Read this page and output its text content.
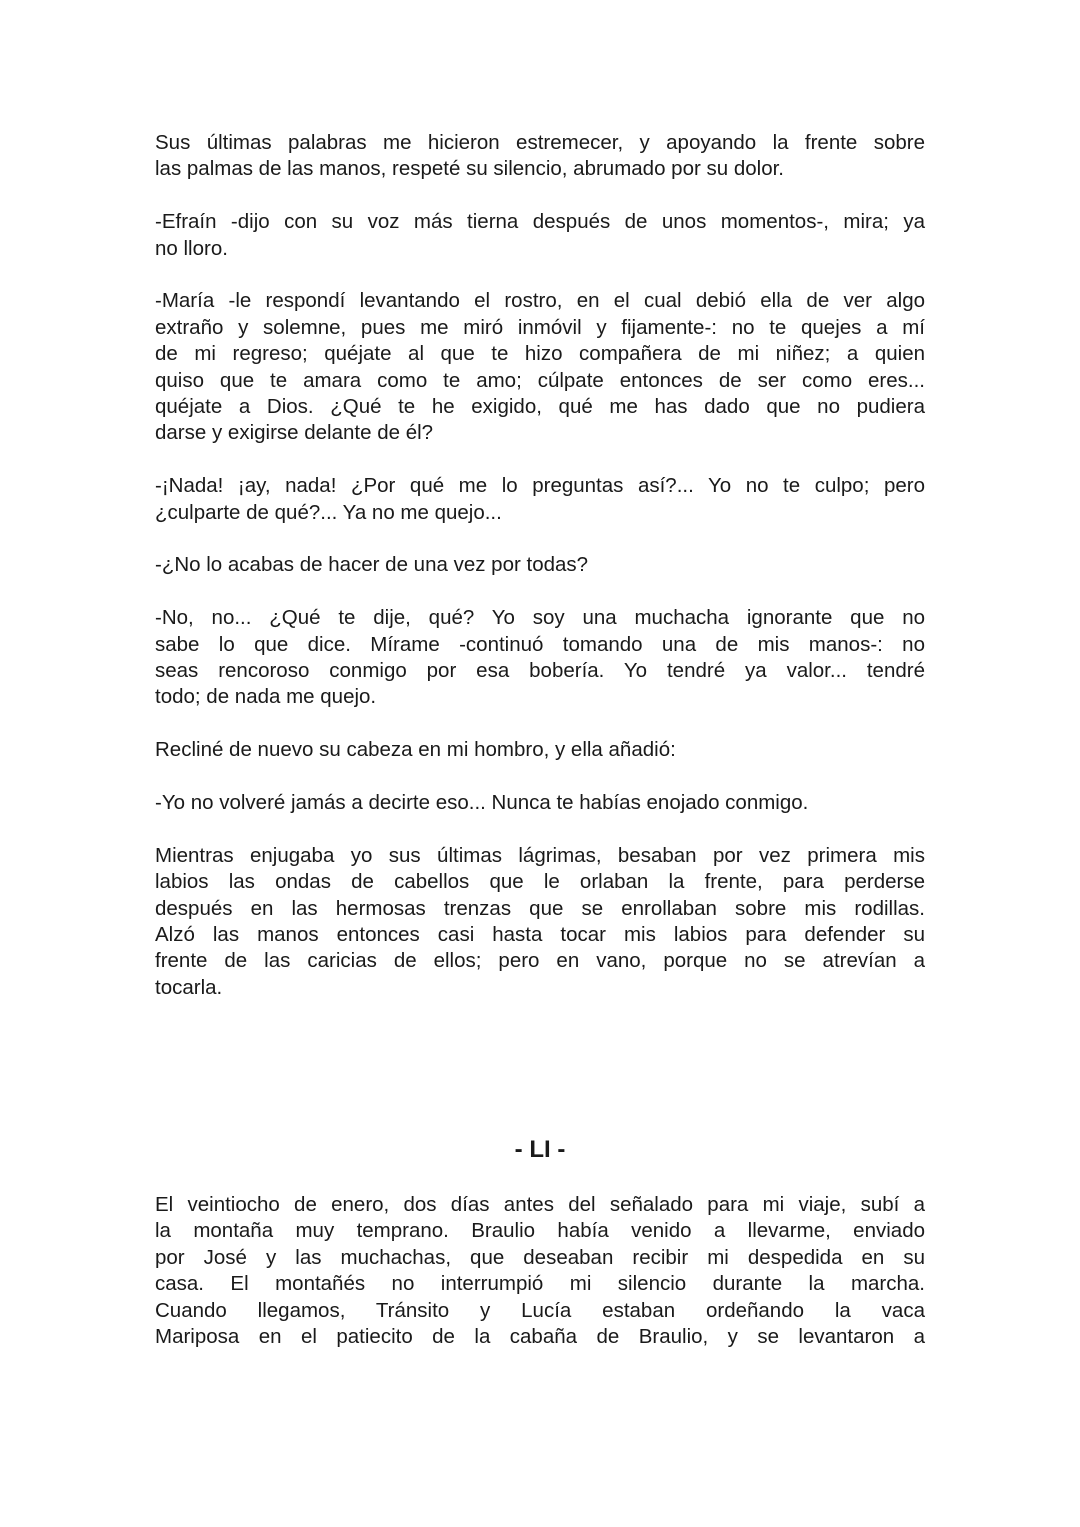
Sus últimas palabras me hicieron estremecer, y apoyando la frente sobre
las palmas de las manos, respeté su silencio, abrumado por su dolor.

-Efraín -dijo con su voz más tierna después de unos momentos-, mira; ya
no lloro.

-María -le respondí levantando el rostro, en el cual debió ella de ver algo
extraño y solemne, pues me miró inmóvil y fijamente-: no te quejes a mí
de mi regreso; quéjate al que te hizo compañera de mi niñez; a quien
quiso que te amara como te amo; cúlpate entonces de ser como eres...
quéjate a Dios. ¿Qué te he exigido, qué me has dado que no pudiera
darse y exigirse delante de él?

-¡Nada! ¡ay, nada! ¿Por qué me lo preguntas así?... Yo no te culpo; pero
¿culparte de qué?... Ya no me quejo...

-¿No lo acabas de hacer de una vez por todas?

-No, no... ¿Qué te dije, qué? Yo soy una muchacha ignorante que no
sabe lo que dice. Mírame -continuó tomando una de mis manos-: no
seas rencoroso conmigo por esa bobería. Yo tendré ya valor... tendré
todo; de nada me quejo.

Recliné de nuevo su cabeza en mi hombro, y ella añadió:

-Yo no volveré jamás a decirte eso... Nunca te habías enojado conmigo.

Mientras enjugaba yo sus últimas lágrimas, besaban por vez primera mis
labios las ondas de cabellos que le orlaban la frente, para perderse
después en las hermosas trenzas que se enrollaban sobre mis rodillas.
Alzó las manos entonces casi hasta tocar mis labios para defender su
frente de las caricias de ellos; pero en vano, porque no se atrevían a
tocarla.

- LI -

El veintiocho de enero, dos días antes del señalado para mi viaje, subí a
la montaña muy temprano. Braulio había venido a llevarme, enviado
por José y las muchachas, que deseaban recibir mi despedida en su
casa. El montañés no interrumpió mi silencio durante la marcha.
Cuando llegamos, Tránsito y Lucía estaban ordeñando la vaca
Mariposa en el patiecito de la cabaña de Braulio, y se levantaron a
